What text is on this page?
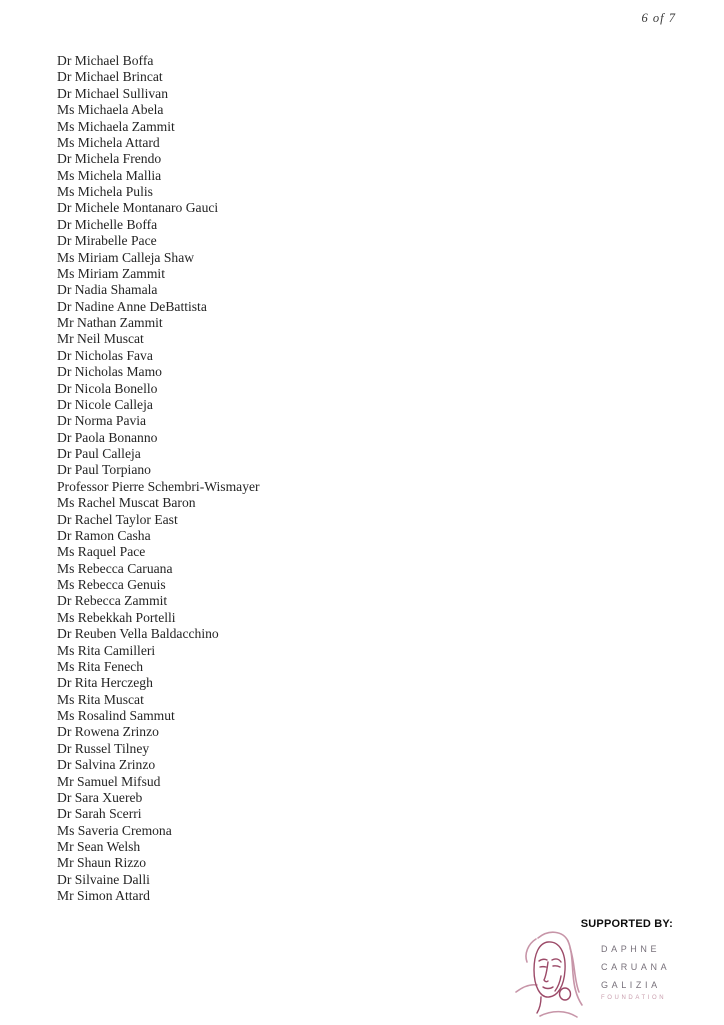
6 of 7
Dr Michael Boffa
Dr Michael Brincat
Dr Michael Sullivan
Ms Michaela Abela
Ms Michaela Zammit
Ms Michela Attard
Dr Michela Frendo
Ms Michela Mallia
Ms Michela Pulis
Dr Michele Montanaro Gauci
Dr Michelle Boffa
Dr Mirabelle Pace
Ms Miriam Calleja Shaw
Ms Miriam Zammit
Dr Nadia Shamala
Dr Nadine Anne DeBattista
Mr Nathan Zammit
Mr Neil Muscat
Dr Nicholas Fava
Dr Nicholas Mamo
Dr Nicola Bonello
Dr Nicole Calleja
Dr Norma Pavia
Dr Paola Bonanno
Dr Paul Calleja
Dr Paul Torpiano
Professor Pierre Schembri-Wismayer
Ms Rachel Muscat Baron
Dr Rachel Taylor East
Dr Ramon Casha
Ms Raquel Pace
Ms Rebecca Caruana
Ms Rebecca Genuis
Dr Rebecca Zammit
Ms Rebekkah Portelli
Dr Reuben Vella Baldacchino
Ms Rita Camilleri
Ms Rita Fenech
Dr Rita Herczegh
Ms Rita Muscat
Ms Rosalind Sammut
Dr Rowena Zrinzo
Dr Russel Tilney
Dr Salvina Zrinzo
Mr Samuel Mifsud
Dr Sara Xuereb
Dr Sarah Scerri
Ms Saveria Cremona
Mr Sean Welsh
Mr Shaun Rizzo
Dr Silvaine Dalli
Mr Simon Attard
SUPPORTED BY:
DAPHNE
CARUANA
GALIZIA
FOUNDATION
